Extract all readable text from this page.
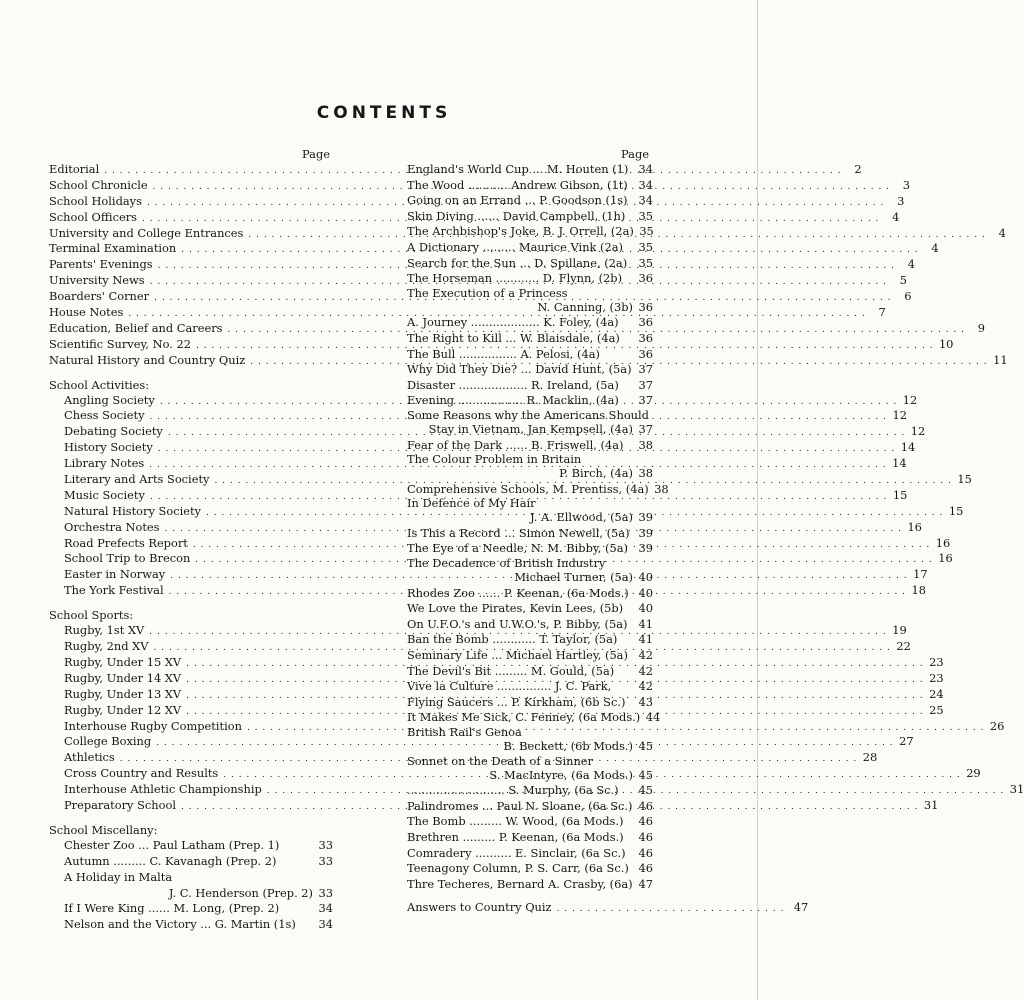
CONTENTS
Page
Editorial . . .	2
School Chronicle . . .	3
School Holidays . . .	3
School Officers . . .	4
University and College Entrances . . .	4
Terminal Examination . . .	4
Parents' Evenings . . .	4
University News . . .	5
Boarders' Corner . . .	6
House Notes . . .	7
Education, Belief and Careers . . .	9
Scientific Survey, No. 22 . . .	10
Natural History and Country Quiz . . .	11
School Activities:
Angling Society . . .	12
Chess Society . . .	12
Debating Society . . .	12
History Society . . .	14
Library Notes . . .	14
Literary and Arts Society . . .	15
Music Society . . .	15
Natural History Society . . .	15
Orchestra Notes . . .	16
Road Prefects Report . . .	16
School Trip to Brecon . . .	16
Easter in Norway . . .	17
The York Festival . . .	18
School Sports:
Rugby, 1st XV . . .	19
Rugby, 2nd XV . . .	22
Rugby, Under 15 XV . . .	23
Rugby, Under 14 XV . . .	23
Rugby, Under 13 XV . . .	24
Rugby, Under 12 XV . . .	25
Interhouse Rugby Competition . . .	26
College Boxing . . .	27
Athletics . . .	28
Cross Country and Results . . .	29
Interhouse Athletic Championship . . .	31
Preparatory School . . .	31
School Miscellany:
Chester Zoo ... Paul Latham (Prep. 1)	33
Autumn ......... C. Kavanagh (Prep. 2)	33
A Holiday in Malta
J. C. Henderson (Prep. 2) 33
If I Were King ...... M. Long, (Prep. 2)	34
Nelson and the Victory ... G. Martin (1s) 34
Page
England's World Cup ... M. Houten (1) 34
The Wood ........... Andrew Gibson, (1t) 34
Going on an Errand ... P. Goodson (1s) 34
Skin Diving ...... David Campbell, (1h)	35
The Archbishop's Joke, B. J. Orrell, (2a) 35
A Dictionary ......... Maurice Vink (2a)	35
Search for the Sun ... D. Spillane, (2a) 35
The Horseman ............ D. Flynn, (2b)	36
The Execution of a Princess
N. Canning, (3b) 36
A. Journey ................... K. Foley, (4a)	36
The Right to Kill ... W. Blaisdale, (4a)	36
The Bull ................ A. Pelosi, (4a)	36
Why Did They Die? ... David Hunt, (5a) 37
Disaster ................... R. Ireland, (5a)	37
Evening .................. R. Macklin, (4a)	37
Some Reasons why the Americans Should
Stay in Vietnam, Jan Kempsell, (4a) 37
Fear of the Dark ...... B. Friswell, (4a)	38
The Colour Problem in Britain
P. Birch, (4a) 38
Comprehensive Schools, M. Prentiss, (4a) 38
In Defence of My Hair
J. A. Ellwood, (5a) 39
Is This a Record ... Simon Newell, (5a) 39
The Eye of a Needle, N. M. Bibby, (5a) 39
The Decadence of British Industry
Michael Turner, (5a) 40
Rhodes Zoo ...... P. Keenan, (6a Mods.) 40
We Love the Pirates, Kevin Lees, (5b)	40
On U.F.O.'s and U.W.O.'s, P. Bibby, (5a) 41
Ban the Bomb ............ T. Taylor, (5a)	41
Seminary Life ... Michael Hartley, (5a) 42
The Devil's Bit ......... M. Gould, (5a)	42
Vive la Culture ............... J. C. Park,	42
Flying Saucers ... P. Kirkham, (6b Sc.)	43
It Makes Me Sick, C. Fenney, (6a Mods.) 44
British Rail's Genoa
B. Beckett, (6b Mods.) 45
Sonnet on the Death of a Sinner
S. MacIntyre, (6a Mods.) 45
........................... S. Murphy, (6a Sc.)	45
Palindromes ... Paul N. Sloane, (6a Sc.) 46
The Bomb ......... W. Wood, (6a Mods.)	46
Brethren ......... P. Keenan, (6a Mods.)	46
Comradery .......... E. Sinclair, (6a Sc.)	46
Teenagony Column, P. S. Carr, (6a Sc.) 46
Thre Techeres, Bernard A. Crasby, (6a) 47
Answers to Country Quiz . . . . . . . . . . . . . . . . . . . . . . . . . . . . . . 47
